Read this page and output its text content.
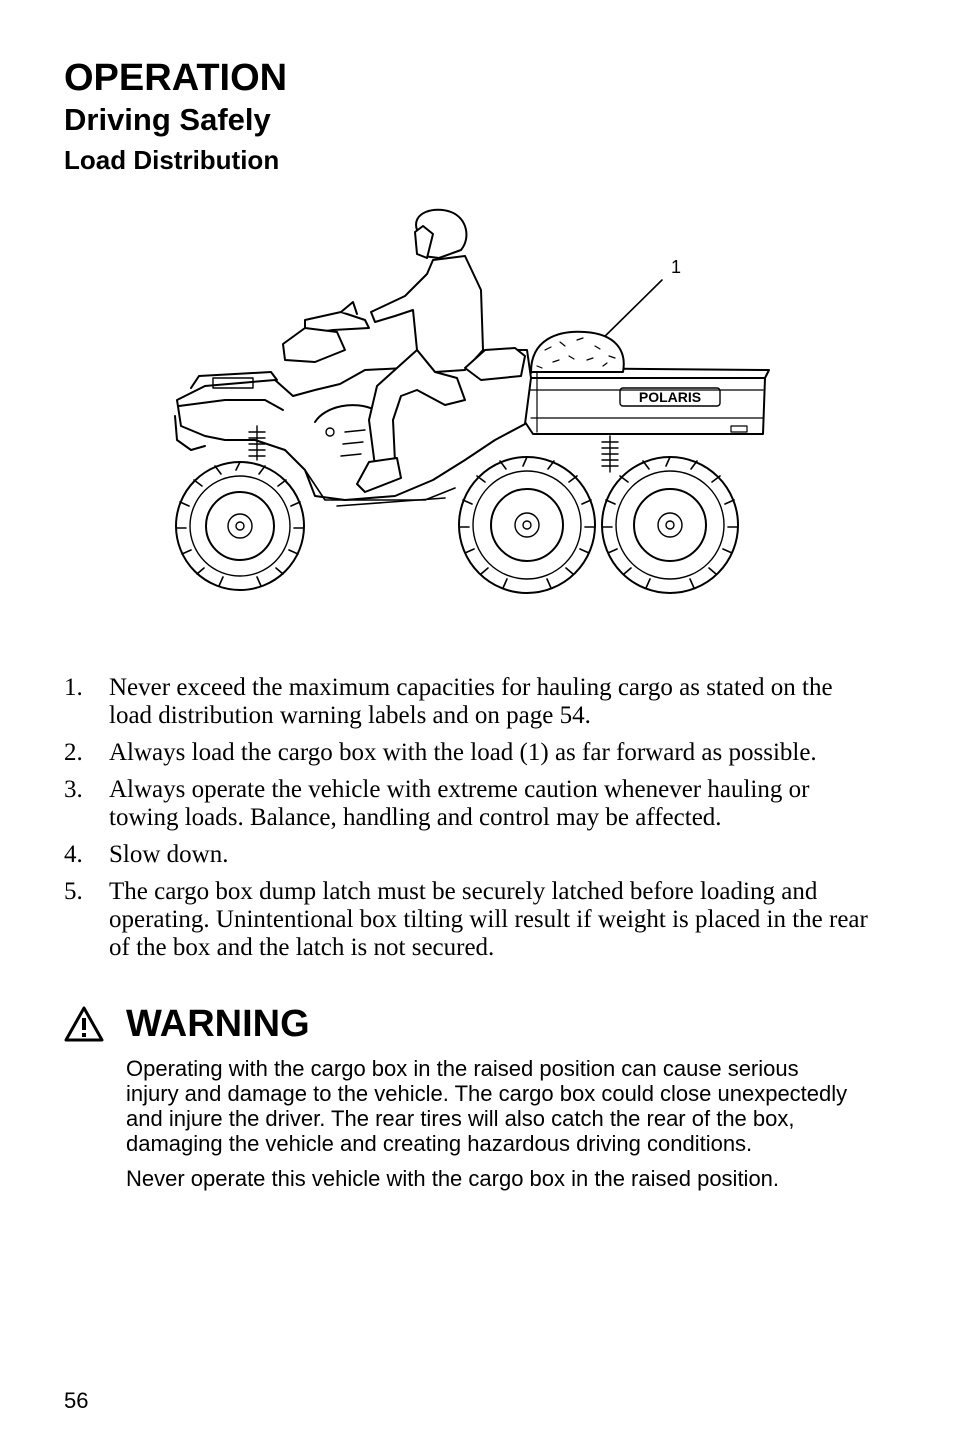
OPERATION
Driving Safely
Load Distribution
POLARIS
1
1. Never exceed the maximum capacities for hauling cargo as stated on the load distribution warning labels and on page 54.
2. Always load the cargo box with the load (1) as far forward as possible.
3. Always operate the vehicle with extreme caution whenever hauling or towing loads. Balance, handling and control may be affected.
4. Slow down.
5. The cargo box dump latch must be securely latched before loading and operating. Unintentional box tilting will result if weight is placed in the rear of the box and the latch is not secured.
WARNING

Operating with the cargo box in the raised position can cause serious injury and damage to the vehicle. The cargo box could close unexpectedly and injure the driver. The rear tires will also catch the rear of the box, damaging the vehicle and creating hazardous driving conditions.

Never operate this vehicle with the cargo box in the raised position.

56
